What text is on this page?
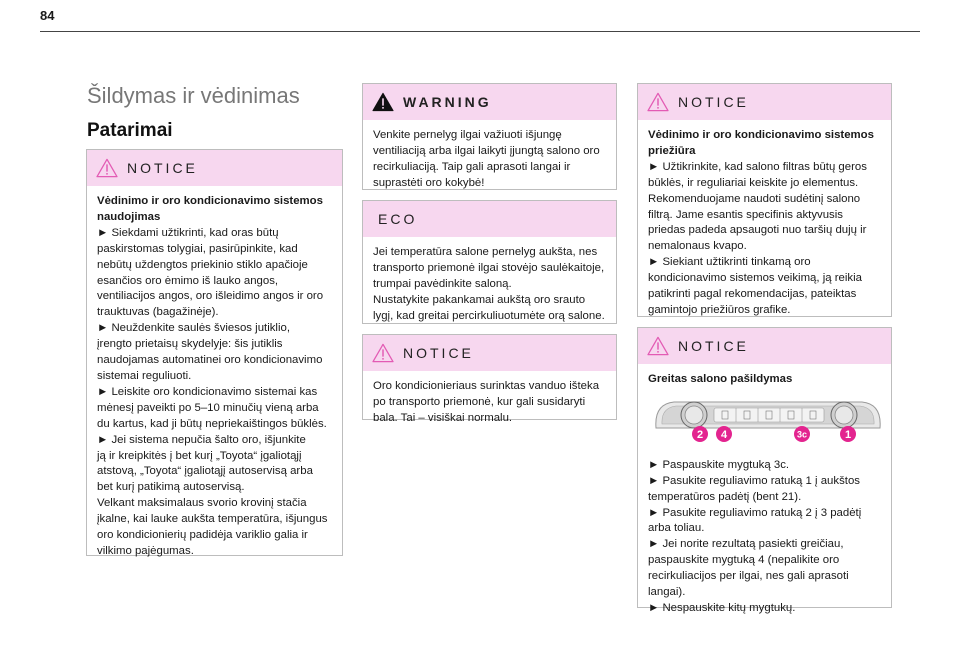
84
Šildymas ir vėdinimas
Patarimai
NOTICE

Vėdinimo ir oro kondicionavimo sistemos naudojimas

► Siekdami užtikrinti, kad oras būtų

paskirstomas tolygiai, pasirūpinkite, kad

nebūtų uždengtos priekinio stiklo apačioje

esančios oro ėmimo iš lauko angos,

ventiliacijos angos, oro išleidimo angos ir oro

trauktuvas (bagažinėje).

► Neuždenkite saulės šviesos jutiklio,

įrengto prietaisų skydelyje: šis jutiklis

naudojamas automatinei oro kondicionavimo

sistemai reguliuoti.

► Leiskite oro kondicionavimo sistemai kas

mėnesį paveikti po 5–10 minučių vieną arba

du kartus, kad ji būtų nepriekaištingos būklės.

► Jei sistema nepučia šalto oro, išjunkite

ją ir kreipkitės į bet kurį „Toyota“ įgaliotąjį

atstovą, „Toyota“ įgaliotąjį autoservisą arba

bet kurį patikimą autoservisą.

Velkant maksimalaus svorio krovinį stačia

įkalne, kai lauke aukšta temperatūra, išjungus

oro kondicionierių padidėja variklio galia ir

vilkimo pajėgumas.

WARNING

Venkite pernelyg ilgai važiuoti išjungę

ventiliaciją arba ilgai laikyti įjungtą salono oro

recirkuliaciją. Taip gali aprasoti langai ir

suprastėti oro kokybė!

ECO

Jei temperatūra salone pernelyg aukšta, nes

transporto priemonė ilgai stovėjo saulėkaitoje,

trumpai pavėdinkite saloną.

Nustatykite pakankamai aukštą oro srauto

lygį, kad greitai percirkuliuotumėte orą salone.

NOTICE

Oro kondicionieriaus surinktas vanduo išteka

po transporto priemonė, kur gali susidaryti

bala. Tai – visiškai normalu.

NOTICE

Vėdinimo ir oro kondicionavimo sistemos priežiūra

► Užtikrinkite, kad salono filtras būtų geros

būklės, ir reguliariai keiskite jo elementus.

Rekomenduojame naudoti sudėtinį salono

filtrą. Jame esantis specifinis aktyvusis

priedas padeda apsaugoti nuo taršių dujų ir

nemalonaus kvapo.

► Siekiant užtikrinti tinkamą oro

kondicionavimo sistemos veikimą, ją reikia

patikrinti pagal rekomendacijas, pateiktas

gamintojo priežiūros grafike.

NOTICE

Greitas salono pašildymas

2 4	3c	1

► Paspauskite mygtuką 3c.

► Pasukite reguliavimo ratuką 1 į aukštos

temperatūros padėtį (bent 21).

► Pasukite reguliavimo ratuką 2 į 3 padėtį

arba toliau.

► Jei norite rezultatą pasiekti greičiau,

paspauskite mygtuką 4 (nepalikite oro

recirkuliacijos per ilgai, nes gali aprasoti

langai).

► Nespauskite kitų mygtukų.
